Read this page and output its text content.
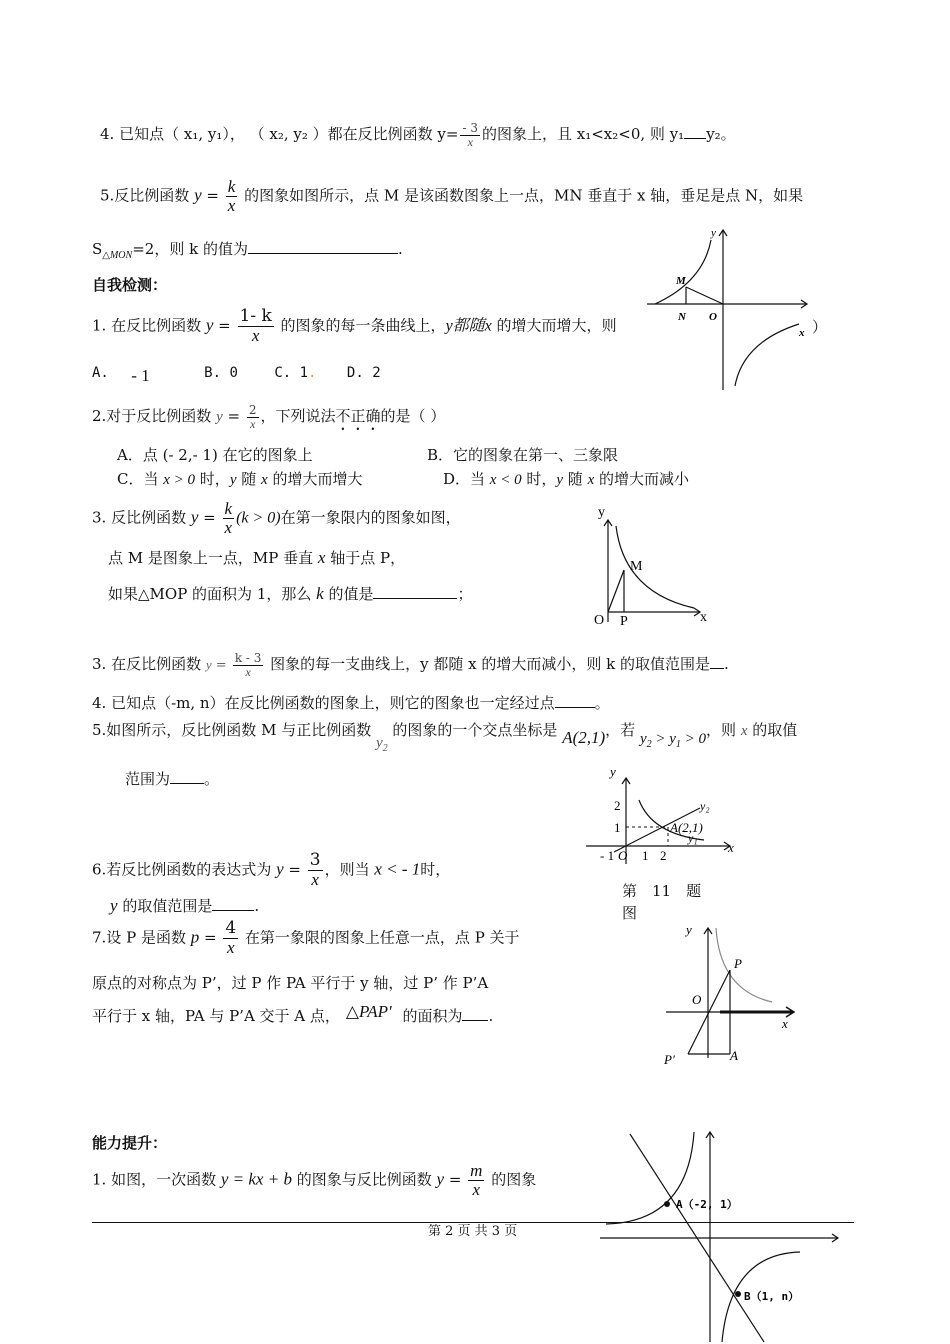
4. 已知点（ x₁, y₁）， （ x₂, y₂ ）都在反比例函数 $y= \frac{- 3}{x}$ 的图象上，且 x₁<x₂<0, 则 y₁ y₂。
5.反比例函数 $y = \frac{k}{x}$ 的图象如图所示，点 M 是该函数图象上一点，MN 垂直于 x 轴，垂足是点 N，如果
$S_{\triangle MON}=2$，则 k 的值为	.
自我检测：
1. 在反比例函数 $y = \frac{1- k}{x}$ 的图象的每一条曲线上，y都随x 的增大而增大，则	）
A. - 1	B. 0	C. 1. D. 2
2.对于反比例函数 $y = \frac{2}{x}$ ，下列说法不正确的是（ ）
A．点 (- 2,- 1) 在它的图象上	B．它的图象在第一、三象限
C．当 x > 0 时，y 随 x 的增大而增大	D．当 x < 0 时，y 随 x 的增大而减小
3. 反比例函数 $y = \frac{k}{x} (k > 0)$在第一象限内的图象如图，
点 M 是图象上一点，MP 垂直 x 轴于点 P，
如果△MOP 的面积为 1，那么 k 的值是	；
3. 在反比例函数 $y = \frac{k - 3}{x}$ 图象的每一支曲线上，y 都随 x 的增大而减小，则 k 的取值范围是 .
4. 已知点（-m, n）在反比例函数的图象上，则它的图象也一定经过点	。
5.如图所示，反比例函数 M 与正比例函数 $y_2$ 的图象的一个交点坐标是 A(2,1)，若 $y_2 > y_1 > 0$，则 x 的取值
范围为 。
6.若反比例函数的表达式为 $y = \frac{3}{x}$ ，则当 x < - 1时，
y 的取值范围是	.
7.设 P 是函数 $p = \frac{4}{x}$ 在第一象限的图象上任意一点，点 P 关于
原点的对称点为 P’，过 P 作 PA 平行于 y 轴，过 P’ 作 P’A
平行于 x 轴，PA 与 P’A 交于 A 点， △PAP′ 的面积为 .
能力提升：
1. 如图，一次函数 y = kx + b 的图象与反比例函数 $y = \frac{m}{x}$ 的图象
第 2 页 共 3 页
y
M
N O
x
y
M
O P	x
y
2
1
y₂
A(2,1)
y₁
- 1 O 1 2
x
第　11　题
图
y
P
O
x
P′	A
A（-2, 1）
B（1, n）
